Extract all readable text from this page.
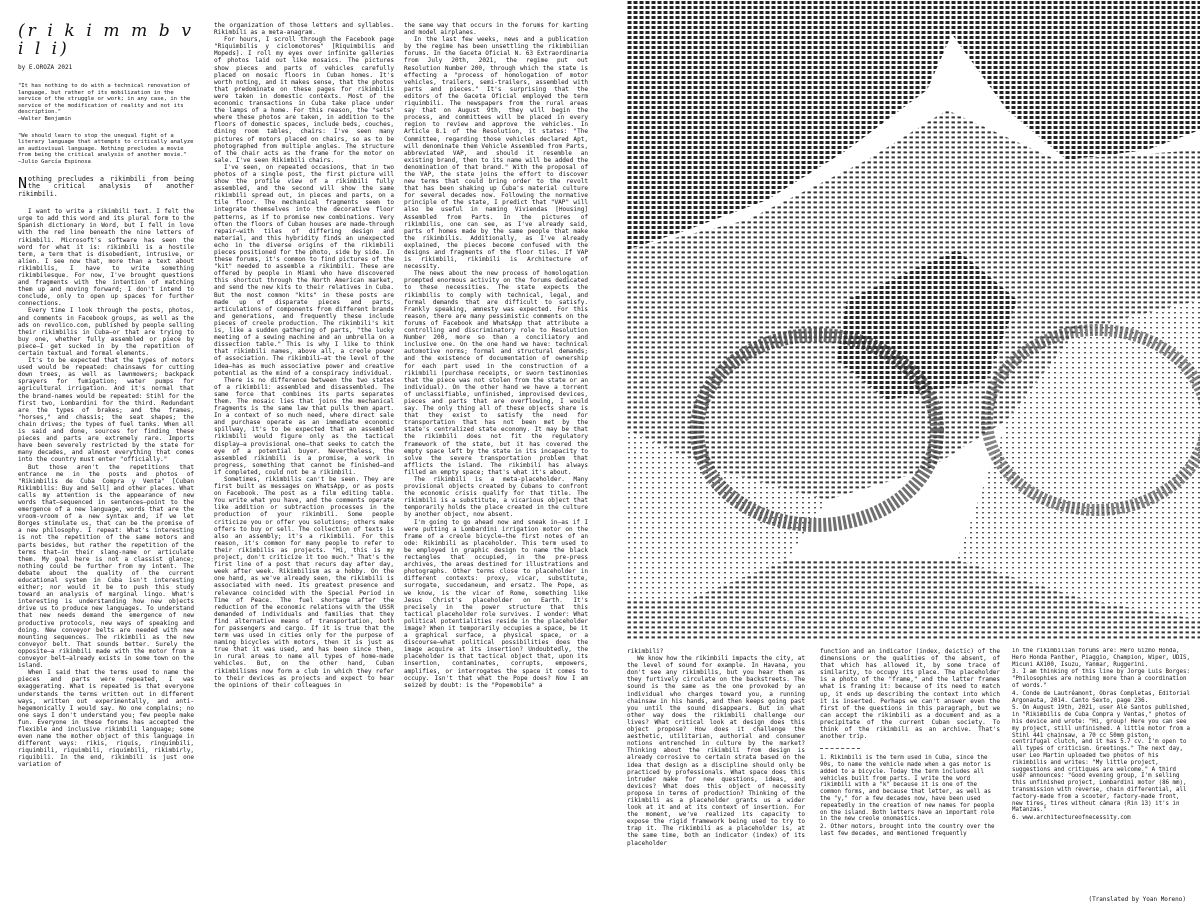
(r i k i m m b v i l i)
by E.OROZA 2021
"It has nothing to do with a technical renovation of language, but rather of its mobilization in the service of the struggle or work; in any case, in the service of the modification of reality and not its description."
—Walter Benjamin
"We should learn to stop the unequal fight of a literary language that attempts to critically analyze an audiovisual language. Nothing precludes a movie from being the critical analysis of another movie."
—Julio García Espinosa
Nothing precludes a rikimbili from being the critical analysis of another rikimbili.

I want to write a rikimbili text. I felt the urge to add this word and its plural form to the Spanish dictionary in Word, but I fell in love with the red line beneath the nine letters of rikimbili. Microsoft's software has seen the word for what it is: rikimbili is a hostile term, a term that is disobedient, intrusive, or alien. I see now that, more than a text about rikimbilis, I have to write something rikimbilesque. For now, I've brought questions and fragments with the intention of matching them up and moving forward; I don't intend to conclude, only to open up spaces for further connections.

Every time I look through the posts, photos, and comments in Facebook groups, as well as the ads on revolico.com, published by people selling their rikimbilis in Cuba—or that are trying to buy one, whether fully assembled or piece by piece—I get sucked in by the repetition of certain textual and formal elements.

It's to be expected that the types of motors used would be repeated: chainsaws for cutting down trees, as well as lawnmowers; backpack sprayers for fumigation; water pumps for agricultural irrigation. And it's normal that the brand-names would be repeated: Stihl for the first two, Lombardini for the third. Redundant are the types of brakes; and the frames, "horses," and chassis; the seat shapes; the chain drives; the types of fuel tanks. When all is said and done, sources for finding these pieces and parts are extremely rare. Imports have been severely restricted by the state for many decades, and almost everything that comes into the country must enter "officially."

But those aren't the repetitions that entrance me in the posts and photos of "Rikimbilis de Cuba Compra y Venta" [Cuban Rikimbilis: Buy and Sell] and other places. What calls my attention is the appearance of new words that—sequenced in sentences—point to the emergence of a new language, words that are the vroom-vroom of a new syntax and, if we let Borges stimulate us, that can be the promise of a new philosophy. I repeat: What's interesting is not the repetition of the same motors and parts besides, but rather the repetition of the terms that—in their slang-name or articulate them. My goal here is not a classist glance; nothing could be further from my intent. The debate about the quality of the current educational system in Cuba isn't interesting either; nor would it be to push this study toward an analysis of marginal lingo. What's interesting is understanding how new objects drive us to produce new languages. To understand that new needs demand the emergence of new productive protocols, new ways of speaking and doing. New conveyor belts are needed with new mounting sequences. The rikimbili as the new conveyor belt. That sounds better. Surely the opposite—a rikimbili made with the motor from a conveyor belt—already exists in some town on the island.

When I said that the terms used to name the pieces and parts were repeated, I was exaggerating. What is repeated is that everyone understands the terms written out in different ways, written out experimentally, and anti-hegemonically I would say. No one complains; no one says I don't understand you; few people make fun. Everyone in these forums has accepted the flexible and inclusive rikimbili language; some even name the mother object of this language in different ways: rikis, riquis, rinquimbili, riquimbili, riquimbili, riquimbili, rikimbirly, riquibili. In the end, rikimbili is just one variation of

the organization of those letters and syllables. Rikimbili as a meta-anagram.

For hours, I scroll through the Facebook page "Riquimbilis y ciclomotores" [Riquimbilis and Mopeds]. I roll my eyes over infinite galleries of photos laid out like mosaics. The pictures show pieces and parts of vehicles carefully placed on mosaic floors in Cuban homes. It's worth noting, and it makes sense, that the photos that predominate on these pages for rikimbilis were taken in domestic contexts. Most of the economic transactions in Cuba take place under the lamps of a home. For this reason, the "sets" where these photos are taken, in addition to the floors of domestic spaces, include beds, couches, dining room tables, chairs: I've seen many pictures of motors placed on chairs, so as to be photographed from multiple angles. The structure of the chair acts as the frame for the motor on sale. I've seen Rikimbili chairs.

I've seen, on repeated occasions, that in two photos of a single post, the first picture will show the profile view of a rikimbili fully assembled, and the second will show the same rikimbili spread out, in pieces and parts, on a tile floor. The mechanical fragments seem to integrate themselves into the decorative floor patterns, as if to promise new combinations. Very often the floors of Cuban houses are made-through repair—with tiles of differing design and material, and this hybridity finds an unexpected echo in the diverse origins of the rikimbili pieces positioned for the photo, side by side. In these forums, it's common to find pictures of the "kit" needed to assemble a rikimbili. These are offered by people in Miami who have discovered this shortcut through the North American market, and send the new kits to their relatives in Cuba. But the most common "kits" in these posts are made up of disparate pieces and parts, articulations of components from different brands and generations, and frequently these include pieces of creole production. The rikimbili's kit is, like a sudden gathering of parts, "the lucky meeting of a sewing machine and an umbrella on a dissection table." This is why I like to think that rikimbili names, above all, a creole power of association. The rikimbili—at the level of the idea—has as much associative power and creative potential as the mind of a conspiracy individual.

There is no difference between the two states of a rikimbili: assembled and disassembled. The same force that combines its parts separates them. The mosaic lies that joins the mechanical fragments is the same law that pulls them apart. In a context of so much need, where direct sale and purchase operate as an immediate economic spillway, it's to be expected that an assembled rikimbili would figure only as the tactical display—a provisional one—that seeks to catch the eye of a potential buyer. Nevertheless, the assembled rikimbili is a promise, a work in progress, something that cannot be finished—and if completed, could not be a rikimbili.

Sometimes, rikimbilis can't be seen. They are first built as messages on WhatsApp, or as posts on Facebook. The post as a film editing table. You write what you have, and the comments operate like addition or subtraction processes in the production of your rikimbili. Some people criticize you or offer you solutions; others make offers to buy or sell. The collection of texts is also an assembly; it's a rikimbili. For this reason, it's common for many people to refer to their rikimbilis as projects. "Hi, this is my project, don't criticize it too much." That's the first line of a post that recurs day after day, week after week. Rikimbilism as a hobby. On the one hand, as we've already seen, the rikimbili is associated with need. Its greatest presence and relevance coincided with the Special Period in Time of Peace. The fuel shortage after the reduction of the economic relations with the USSR demanded of individuals and families that they find alternative means of transportation, both for passengers and cargo. If it is true that the term was used in cities only for the purpose of naming bicycles with motors, then it is just as true that it was used, and has been since then, in rural areas to name all types of home-made vehicles. But, on the other hand, Cuban rikimbilisms now form a club in which they refer to their devices as projects and expect to hear the opinions of their colleagues in

the same way that occurs in the forums for karting and model airplanes.

In the last few weeks, news and a publication by the regime has been unsettling the rikimbilian forums. In the Gaceta Oficial N. 63 Extraordinaria from July 20th, 2021, the regime put out Resolution Number 200, through which the state is effecting a "process of homologation of motor vehicles, trailers, semi-trailers, assembled with parts and pieces." It's surprising that the editors of the Gaceta Oficial employed the term riquimbili. The newspapers from the rural areas say that on August 9th, they will begin the process, and committees will be placed in every region to review and approve the vehicles. In Article 8.1 of the Resolution, it states: "The Committee, regarding those vehicles declared Apt, will denominate them Vehicle Assembled from Parts, abbreviated VAP, and should it resemble an existing brand, then to its name will be added the denomination of that brand." With the proposal of the VAP, the state joins the effort to discover new terms that could bring order to the revolt that has been shaking up Cuba's material culture for several decades now. Following the normative principle of the state, I predict that "VAP" will also be useful in naming Viviendas [Housing] Assembled from Parts. In the pictures of rikimbilis, one can see, as I've already said, parts of homes made by the same people that make the rikimbilis. Additionally, as I've already explained, the pieces become confused with the designs and fragments of the floor tiles. If VAP is rikimbili, rikimbili is Architecture of necessity.

The news about the new process of homologation prompted enormous activity on the forums dedicated to these necessities. The state expects the rikimbilis to comply with technical, legal, and formal demands that are difficult to satisfy. Frankly speaking, amnesty was expected. For this reason, there are many pessimistic comments on the forums of Facebook and WhatsApp that attribute a controlling and discriminatory role to Resolution Number 200, more so than a conciliatory and inclusive one. On the one hand we have: technical automotive norms; formal and structural demands; and the existence of documentation of ownership for each part used in the construction of a rikimbili (purchase receipts, or sworn testimonies that the piece was not stolen from the state or an individual). On the other hand we have a torrent of unclassifiable, unfinished, improvised devices, pieces and parts that are overflowing, I would say. The only thing all of these objects share is that they exist to satisfy the need for transportation that has not been met by the state's centralized state economy. It may be that the rikimbili does not fit the regulatory framework of the state, but it has covered the empty space left by the state in its incapacity to solve the severe transportation problem that afflicts the island. The rikimbili has always filled an empty space; that's what it's about.

The rikimbili is a meta-placeholder. Many provisional objects created by Cubans to confront the economic crisis qualify for that title. The rikimbili is a substitute, a vicarious object that temporarily holds the place created in the culture by another object, now absent.

I'm going to go ahead now and sneak in—as if I were putting a Lombardini irrigation motor on the frame of a creole bicycle—the first notes of an ode: Rikimbili as placeholder. This term used to be employed in graphic design to name the black rectangles that occupied, in the pre-press archives, the areas destined for illustrations and photographs. Other terms close to placeholder in different contexts: proxy, vicar, substitute, surrogate, succedaneum, and ersatz. The Pope, as we know, is the vicar of Rome, something like Jesus Christ's placeholder on Earth. It's precisely in the power structure that this tactical placeholder role survives. I wonder: What political potentialities reside in the placeholder image? When it temporarily occupies a space, be it a graphical surface, a physical space, or a discourse—what political possibilities does the image acquire at its insertion? Undoubtedly, the placeholder is that tactical object that, upon its insertion, contaminates, corrupts, empowers, amplifies, or interrogates the space it comes to occupy. Isn't that what the Pope does? Now I am seized by doubt: is the "Popemobile" a

rikimbili?

We know how the rikimbili impacts the city, at the level of sound for example. In Havana, you don't see any rikimbilis, but you hear them as they furtively circulate on the backstreets. The sound is the same as the one provoked by an individual who charges toward you, a running chainsaw in his hands, and then keeps going past you until the sound disappears. But in what other way does the rikimbili challenge our lives? What critical look at design does this object propose? How does it challenge the aesthetic, utilitarian, authorial and consumer notions entrenched in culture by the market? Thinking about the rikimbili from design is already corrosive to certain strata based on the idea that design as a discipline should only be practiced by professionals. What space does this intruder make for new questions, ideas, and devices? What does this object of necessity propose in terms of production? Thinking of the rikimbili as a placeholder grants us a wider look at it and at its context of insertion. For the moment, we've realized its capacity to expose the rigid framework being used to try to trap it. The rikimbili as a placeholder is, at the same time, both an indicator (index) of its placeholder

function and an indicator (index, deictic) of the dimensions or the qualities of the absent, of that which has allowed it, by some trace of similarity, to occupy its place. The placeholder is a photo of the "frame," and the latter frames what is framing it: because of its need to match up, it ends up describing the context into which it is inserted. Perhaps we can't answer even the first of the questions in this paragraph, but we can accept the rikimbili as a document and as a precipitate of the current Cuban society. To think of the rikimbili as an archive. That's another trip.

1. Rikimbili is the term used in Cuba, since the 90s, to name the vehicle made when a gas motor is added to a bicycle. Today the term includes all vehicles built from parts. I write the word rikimbili with a "k" because it is one of the common forms, and because that letter, as well as the "y," for a few decades now, have been used repeatedly in the creation of new names for people on the island. Both letters have an important role in the new creole onomastics.
2. Other motors, brought into the country over the last few decades, and mentioned frequently
in the rikimbilian forums are: Hero Gizmo Honda, Hero Honda Panther, Piaggio, Champion, Wiper, UDIS, Micuni AX100, Isuzu, Yanmar, Ruggerini.
3. I am thinking of this line by Jorge Luis Borges: "Philosophies are nothing more than a coordination of words."
4. Conde de Lautréamont, Obras Completas, Editorial Argonauta, 2014. Canto Sexto, page 236.
5. On August 19th, 2021, user Ale Santos published, in "Rikimbilis de Cuba Compra y Ventas," photos of his device and wrote: "Hi, group! Here you can see my project, still unfinished. A little motor from a Stihl 441 chainsaw, a 70 cc 50mm piston, centrifugal clutch, and it has 5.7 cv. I'm open to all types of criticism. Greetings." The next day, user Leo Martin uploaded two photos of his rikimbilis and writes: "My little project, suggestions and critiques are welcome." A third user announces: "Good evening group, I'm selling this unfinished project, Lombardini motor (86 mm), transmission with reverse, chain differential, all factory-made from a scooter, factory-made front, new tires, tires without cámara (Rin 13) it's in Matanzas."
6. www.architectureofnecessity.com
(Translated by Yoan Moreno)
